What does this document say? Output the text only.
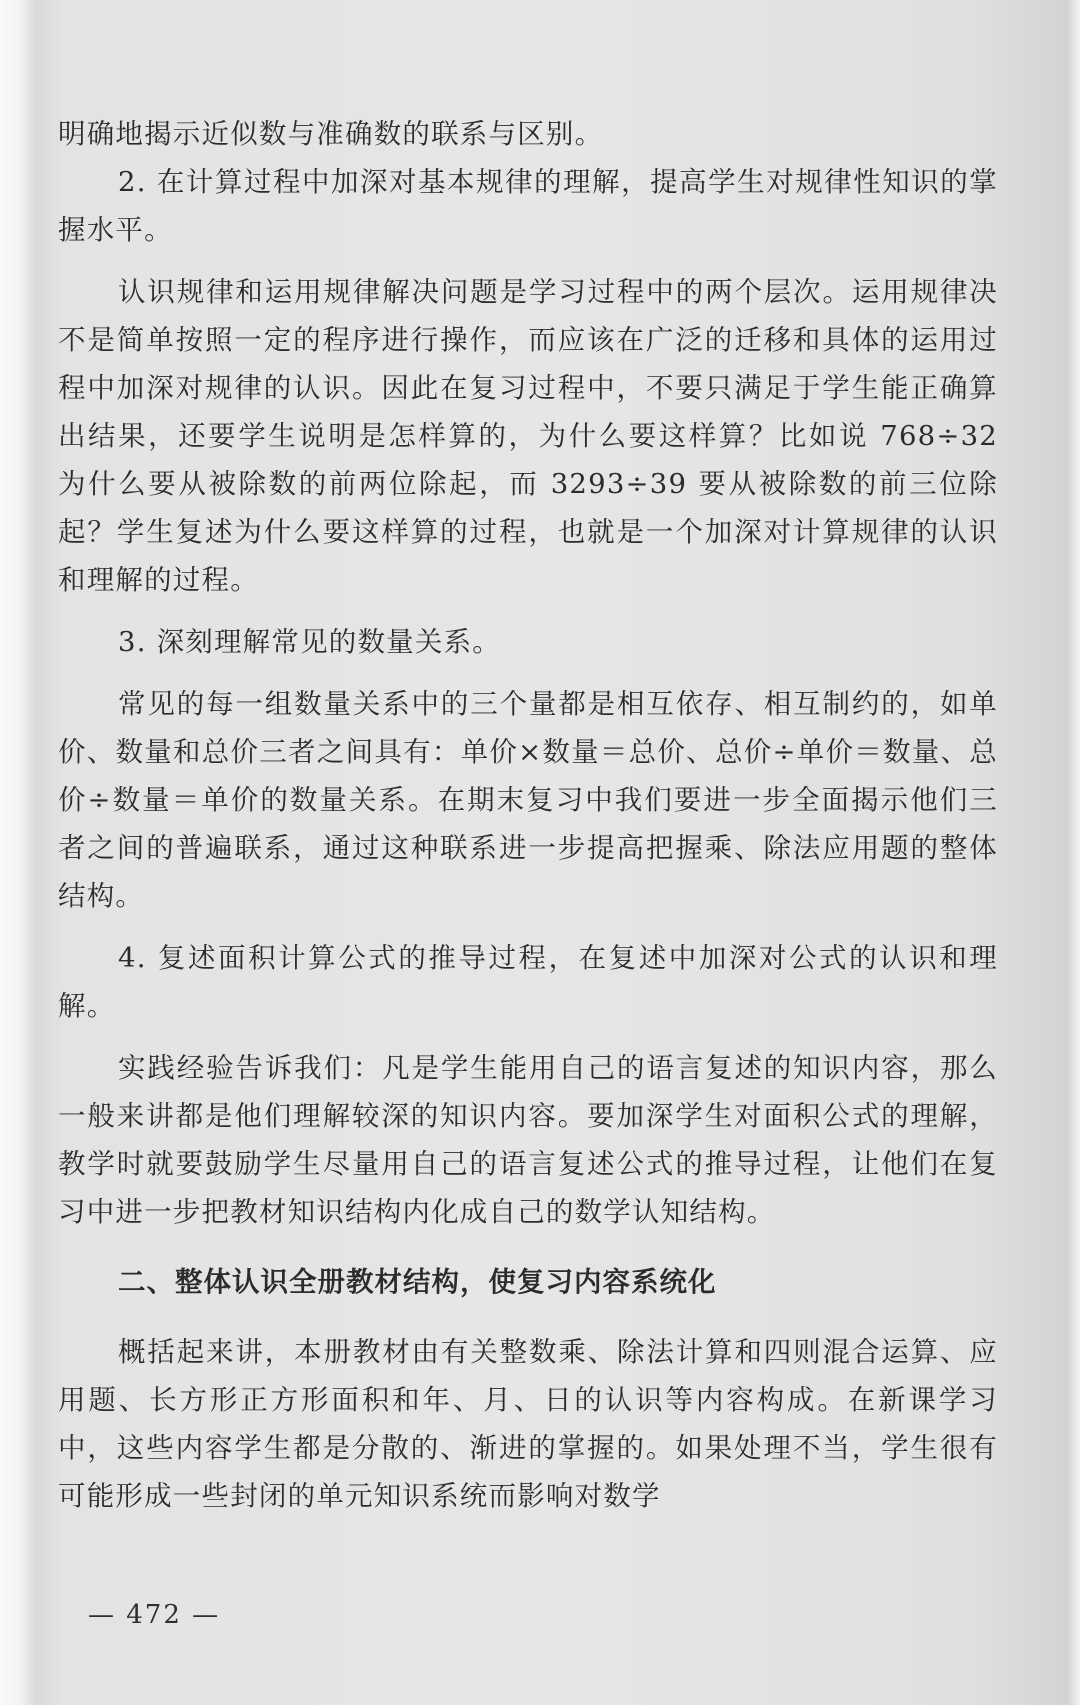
明确地揭示近似数与准确数的联系与区别。

2. 在计算过程中加深对基本规律的理解，提高学生对规律性知识的掌握水平。

认识规律和运用规律解决问题是学习过程中的两个层次。运用规律决不是简单按照一定的程序进行操作，而应该在广泛的迁移和具体的运用过程中加深对规律的认识。因此在复习过程中，不要只满足于学生能正确算出结果，还要学生说明是怎样算的，为什么要这样算？比如说 768÷32 为什么要从被除数的前两位除起，而 3293÷39 要从被除数的前三位除起？学生复述为什么要这样算的过程，也就是一个加深对计算规律的认识和理解的过程。

3. 深刻理解常见的数量关系。

常见的每一组数量关系中的三个量都是相互依存、相互制约的，如单价、数量和总价三者之间具有：单价×数量＝总价、总价÷单价＝数量、总价÷数量＝单价的数量关系。在期末复习中我们要进一步全面揭示他们三者之间的普遍联系，通过这种联系进一步提高把握乘、除法应用题的整体结构。

4. 复述面积计算公式的推导过程，在复述中加深对公式的认识和理解。

实践经验告诉我们：凡是学生能用自己的语言复述的知识内容，那么一般来讲都是他们理解较深的知识内容。要加深学生对面积公式的理解，教学时就要鼓励学生尽量用自己的语言复述公式的推导过程，让他们在复习中进一步把教材知识结构内化成自己的数学认知结构。

二、整体认识全册教材结构，使复习内容系统化

概括起来讲，本册教材由有关整数乘、除法计算和四则混合运算、应用题、长方形正方形面积和年、月、日的认识等内容构成。在新课学习中，这些内容学生都是分散的、渐进的掌握的。如果处理不当，学生很有可能形成一些封闭的单元知识系统而影响对数学

— 472 —
